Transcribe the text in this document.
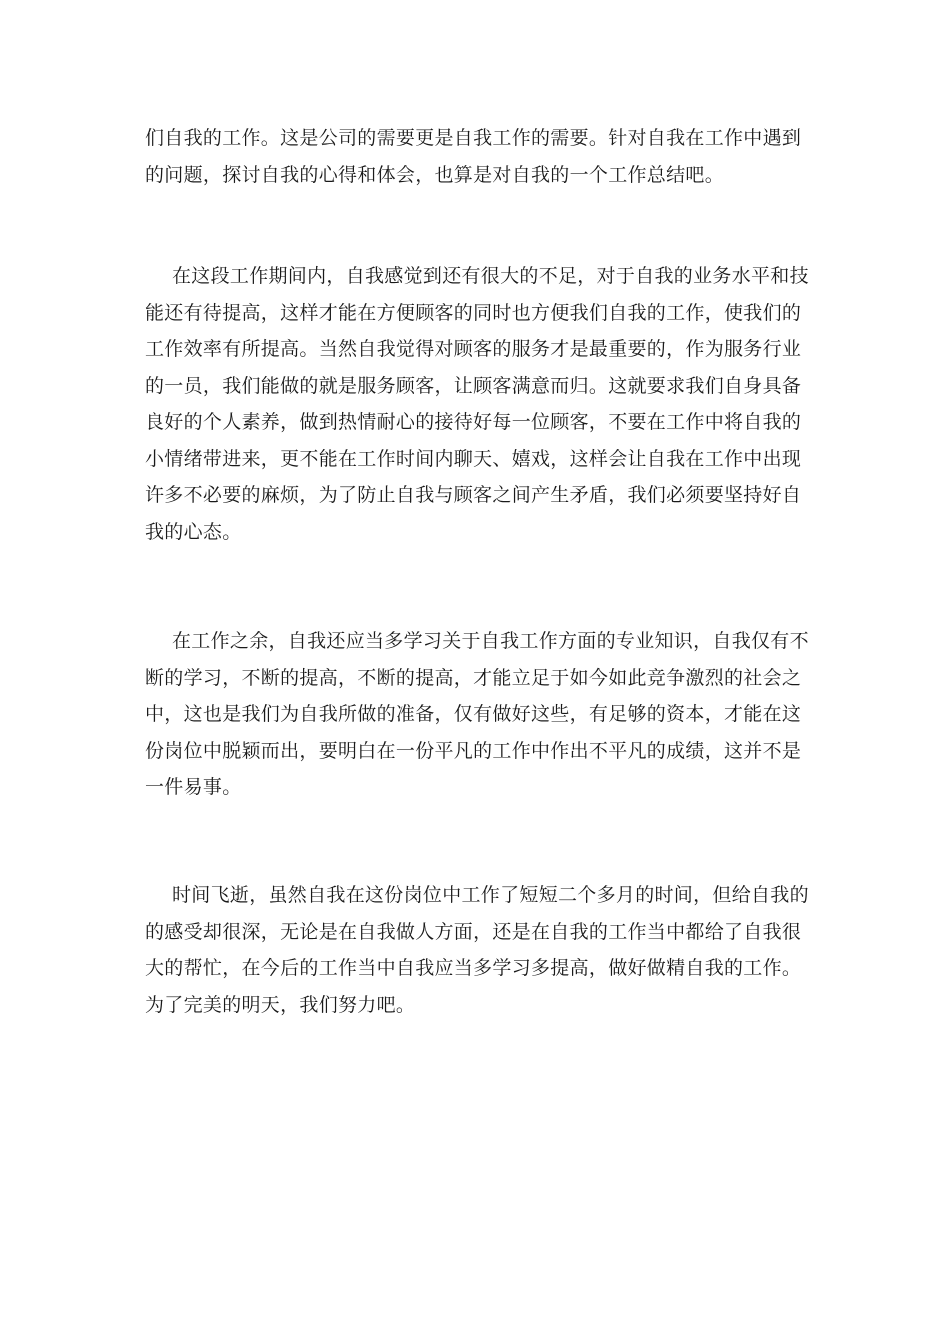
们自我的工作。这是公司的需要更是自我工作的需要。针对自我在工作中遇到
的问题，探讨自我的心得和体会，也算是对自我的一个工作总结吧。
在这段工作期间内，自我感觉到还有很大的不足，对于自我的业务水平和技
能还有待提高，这样才能在方便顾客的同时也方便我们自我的工作，使我们的
工作效率有所提高。当然自我觉得对顾客的服务才是最重要的，作为服务行业
的一员，我们能做的就是服务顾客，让顾客满意而归。这就要求我们自身具备
良好的个人素养，做到热情耐心的接待好每一位顾客，不要在工作中将自我的
小情绪带进来，更不能在工作时间内聊天、嬉戏，这样会让自我在工作中出现
许多不必要的麻烦，为了防止自我与顾客之间产生矛盾，我们必须要坚持好自
我的心态。
在工作之余，自我还应当多学习关于自我工作方面的专业知识，自我仅有不
断的学习，不断的提高，不断的提高，才能立足于如今如此竞争激烈的社会之
中，这也是我们为自我所做的准备，仅有做好这些，有足够的资本，才能在这
份岗位中脱颖而出，要明白在一份平凡的工作中作出不平凡的成绩，这并不是
一件易事。
时间飞逝，虽然自我在这份岗位中工作了短短二个多月的时间，但给自我的
的感受却很深，无论是在自我做人方面，还是在自我的工作当中都给了自我很
大的帮忙，在今后的工作当中自我应当多学习多提高，做好做精自我的工作。
为了完美的明天，我们努力吧。
